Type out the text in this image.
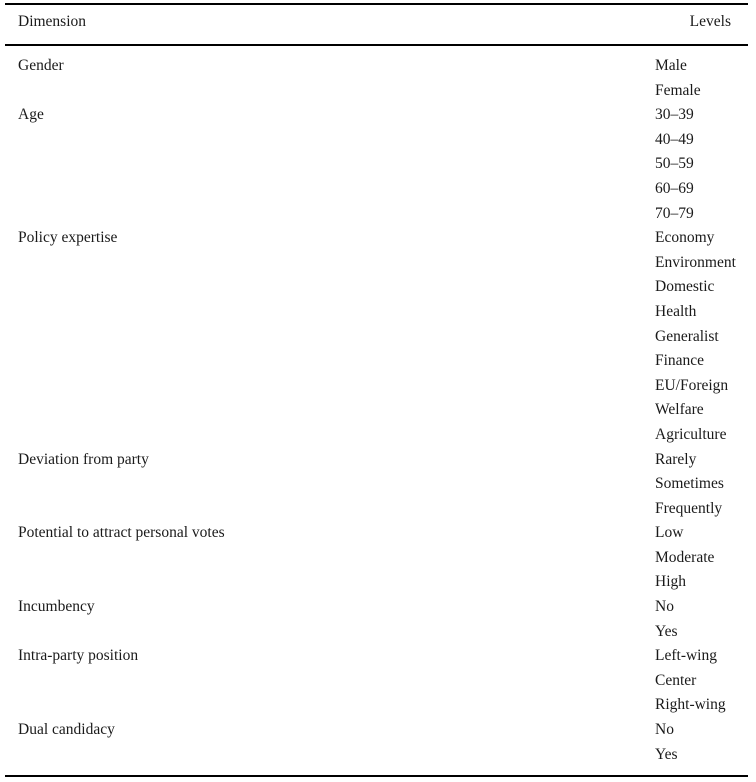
Dimension	Levels
Gender	Male
Female
Age	30–39
40–49
50–59
60–69
70–79
Policy expertise	Economy
Environment
Domestic
Health
Generalist
Finance
EU/Foreign
Welfare
Agriculture
Deviation from party	Rarely
Sometimes
Frequently
Potential to attract personal votes	Low
Moderate
High
Incumbency	No
Yes
Intra-party position	Left-wing
Center
Right-wing
Dual candidacy	No
Yes
